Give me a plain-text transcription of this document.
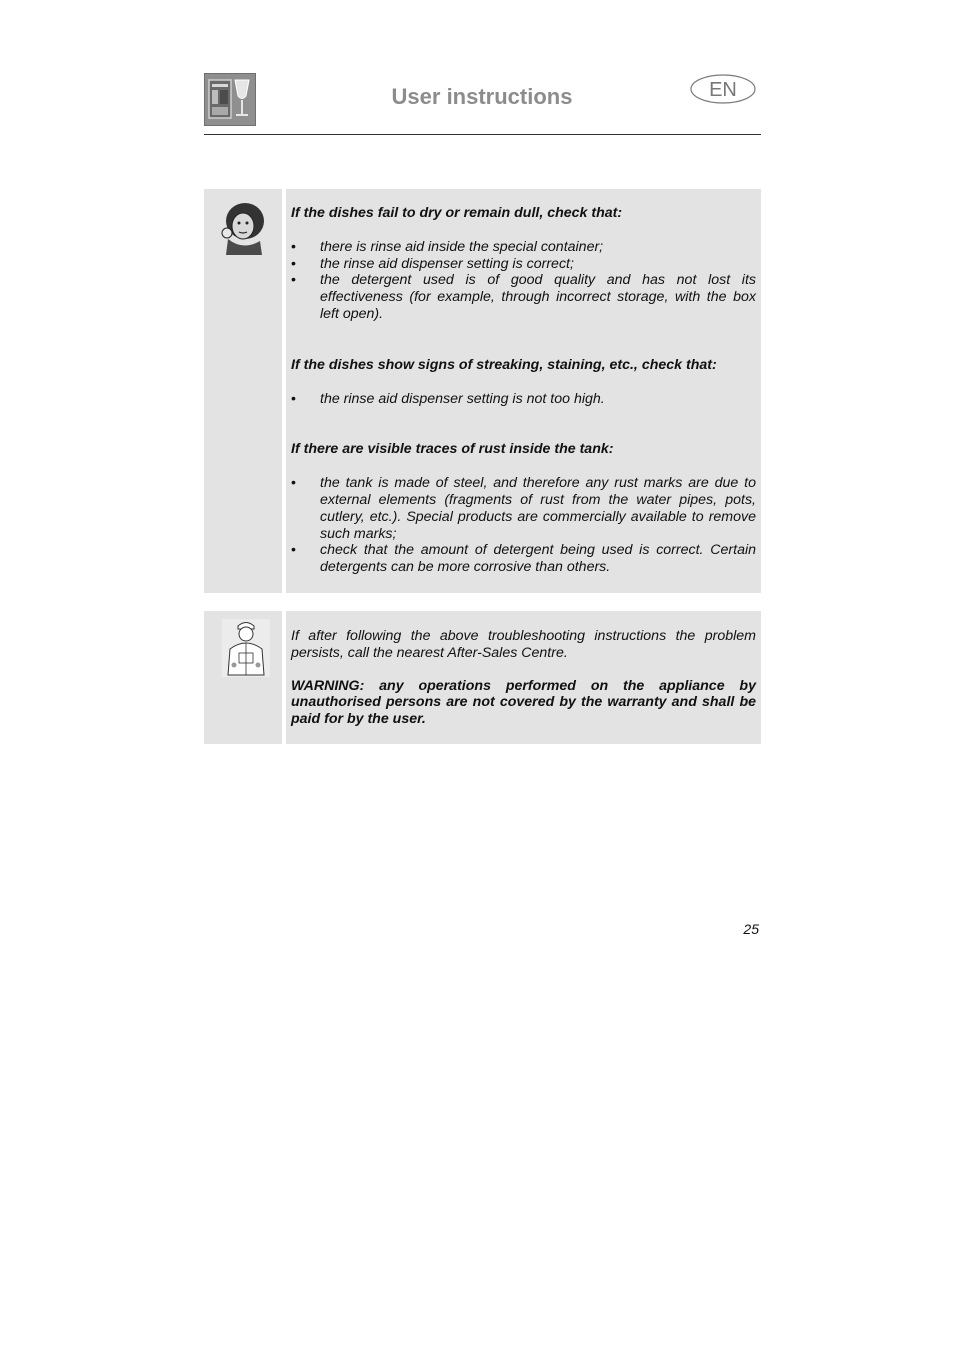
User instructions	EN

If the dishes fail to dry or remain dull, check that:

• there is rinse aid inside the special container;
• the rinse aid dispenser setting is correct;
• the detergent used is of good quality and has not lost its effectiveness (for example, through incorrect storage, with the box left open).

If the dishes show signs of streaking, staining, etc., check that:

• the rinse aid dispenser setting is not too high.

If there are visible traces of rust inside the tank:

• the tank is made of steel, and therefore any rust marks are due to external elements (fragments of rust from the water pipes, pots, cutlery, etc.). Special products are commercially available to remove such marks;
• check that the amount of detergent being used is correct. Certain detergents can be more corrosive than others.

If after following the above troubleshooting instructions the problem persists, call the nearest After-Sales Centre.

WARNING: any operations performed on the appliance by unauthorised persons are not covered by the warranty and shall be paid for by the user.

25
